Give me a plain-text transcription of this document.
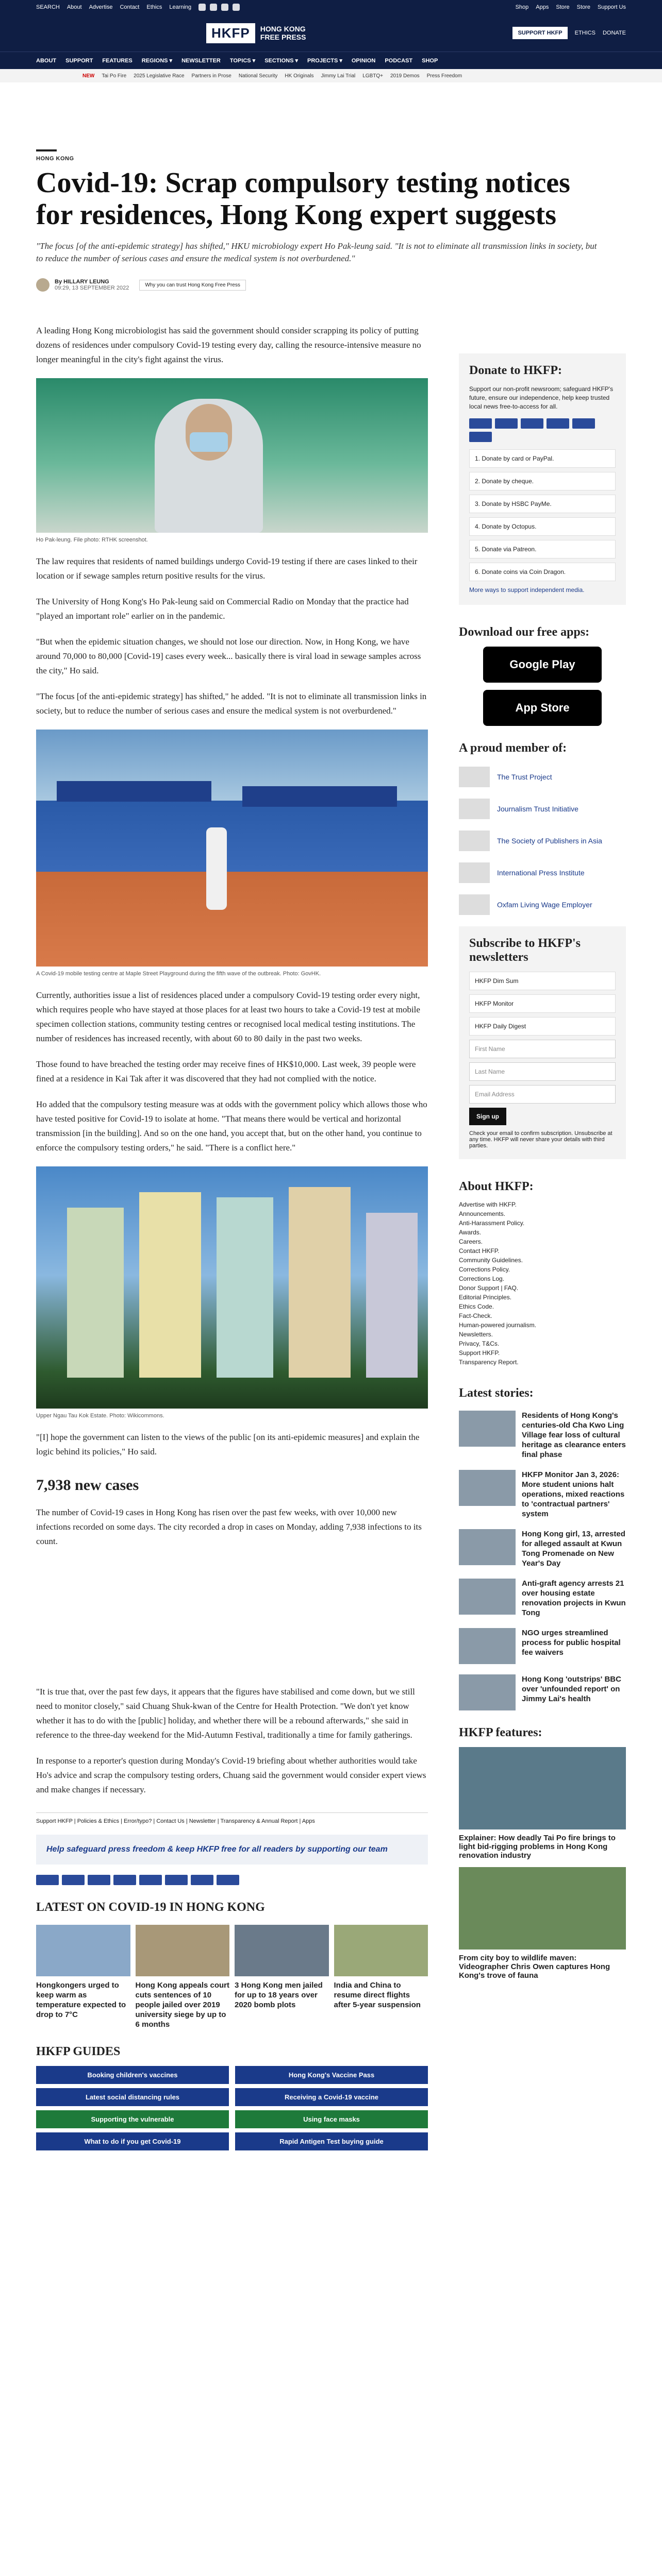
SEARCH About Advertise Contact Ethics Learning	Shop Apps Store Store Support Us
HKFP	HONG KONG
FREE PRESS	SUPPORT HKFP	ETHICS DONATE
ABOUT SUPPORT FEATURES REGIONS ▾ NEWSLETTER TOPICS ▾ SECTIONS ▾ PROJECTS ▾ OPINION PODCAST SHOP
NEW Tai Po Fire 2025 Legislative Race Partners in Prose National Security HK Originals Jimmy Lai Trial LGBTQ+ 2019 Demos Press Freedom
HONG KONG
Covid-19: Scrap compulsory testing notices for residences, Hong Kong expert suggests

"The focus [of the anti-epidemic strategy] has shifted," HKU microbiology expert Ho Pak-leung said. "It is not to eliminate all transmission links in society, but to reduce the number of serious cases and ensure the medical system is not overburdened."

By HILLARY LEUNG
09:29, 13 SEPTEMBER 2022	Why you can trust Hong Kong Free Press

A leading Hong Kong microbiologist has said the government should consider scrapping its policy of putting dozens of residences under compulsory Covid-19 testing every day, calling the resource-intensive measure no longer meaningful in the city's fight against the virus.

Ho Pak-leung. File photo: RTHK screenshot.

The law requires that residents of named buildings undergo Covid-19 testing if there are cases linked to their location or if sewage samples return positive results for the virus.

The University of Hong Kong's Ho Pak-leung said on Commercial Radio on Monday that the practice had "played an important role" earlier on in the pandemic.

"But when the epidemic situation changes, we should not lose our direction. Now, in Hong Kong, we have around 70,000 to 80,000 [Covid-19] cases every week... basically there is viral load in sewage samples across the city," Ho said.

"The focus [of the anti-epidemic strategy] has shifted," he added. "It is not to eliminate all transmission links in society, but to reduce the number of serious cases and ensure the medical system is not overburdened."

A Covid-19 mobile testing centre at Maple Street Playground during the fifth wave of the outbreak. Photo: GovHK.

Currently, authorities issue a list of residences placed under a compulsory Covid-19 testing order every night, which requires people who have stayed at those places for at least two hours to take a Covid-19 test at mobile specimen collection stations, community testing centres or recognised local medical testing institutions. The number of residences has increased recently, with about 60 to 80 daily in the past two weeks.

Those found to have breached the testing order may receive fines of HK$10,000. Last week, 39 people were fined at a residence in Kai Tak after it was discovered that they had not complied with the notice.

Ho added that the compulsory testing measure was at odds with the government policy which allows those who have tested positive for Covid-19 to isolate at home. "That means there would be vertical and horizontal transmission [in the building]. And so on the one hand, you accept that, but on the other hand, you continue to enforce the compulsory testing orders," he said. "There is a conflict here."

Upper Ngau Tau Kok Estate. Photo: Wikicommons.

"[I] hope the government can listen to the views of the public [on its anti-epidemic measures] and explain the logic behind its policies," Ho said.

7,938 new cases

The number of Covid-19 cases in Hong Kong has risen over the past few weeks, with over 10,000 new infections recorded on some days. The city recorded a drop in cases on Monday, adding 7,938 infections to its count.

"It is true that, over the past few days, it appears that the figures have stabilised and come down, but we still need to monitor closely," said Chuang Shuk-kwan of the Centre for Health Protection. "We don't yet know whether it has to do with the [public] holiday, and whether there will be a rebound afterwards," she said in reference to the three-day weekend for the Mid-Autumn Festival, traditionally a time for family gatherings.

In response to a reporter's question during Monday's Covid-19 briefing about whether authorities would take Ho's advice and scrap the compulsory testing orders, Chuang said the government would consider expert views and make changes if necessary.

Support HKFP | Policies & Ethics | Error/typo? | Contact Us | Newsletter | Transparency & Annual Report | Apps
Help safeguard press freedom & keep HKFP free for all readers by supporting our team
LATEST ON COVID-19 IN HONG KONG
Hongkongers urged to keep warm as temperature expected to drop to 7°C
Hong Kong appeals court cuts sentences of 10 people jailed over 2019 university siege by up to 6 months
3 Hong Kong men jailed for up to 18 years over 2020 bomb plots
India and China to resume direct flights after 5-year suspension
HKFP GUIDES
Booking children's vaccines	Hong Kong's Vaccine Pass
Latest social distancing rules	Receiving a Covid-19 vaccine
Supporting the vulnerable	Using face masks
What to do if you get Covid-19	Rapid Antigen Test buying guide
Donate to HKFP:

Support our non-profit newsroom; safeguard HKFP's future, ensure our independence, help keep trusted local news free-to-access for all.

1. Donate by card or PayPal.
2. Donate by cheque.
3. Donate by HSBC PayMe.
4. Donate by Octopus.
5. Donate via Patreon.
6. Donate coins via Coin Dragon.
More ways to support independent media.
Download our free apps:
Google Play
App Store
A proud member of:
The Trust Project
Journalism Trust Initiative
The Society of Publishers in Asia
International Press Institute
Oxfam Living Wage Employer
Subscribe to HKFP's newsletters
HKFP Dim Sum
HKFP Monitor
HKFP Daily Digest
First Name
Last Name
Email Address
Sign up

Check your email to confirm subscription. Unsubscribe at any time. HKFP will never share your details with third parties.

About HKFP:
Advertise with HKFP.
Announcements.
Anti-Harassment Policy.
Awards.
Careers.
Contact HKFP.
Community Guidelines.
Corrections Policy.
Corrections Log.
Donor Support | FAQ.
Editorial Principles.
Ethics Code.
Fact-Check.
Human-powered journalism.
Newsletters.
Privacy, T&Cs.
Support HKFP.
Transparency Report.
Latest stories:
Residents of Hong Kong's centuries-old Cha Kwo Ling Village fear loss of cultural heritage as clearance enters final phase
HKFP Monitor Jan 3, 2026: More student unions halt operations, mixed reactions to 'contractual partners' system
Hong Kong girl, 13, arrested for alleged assault at Kwun Tong Promenade on New Year's Day
Anti-graft agency arrests 21 over housing estate renovation projects in Kwun Tong
NGO urges streamlined process for public hospital fee waivers
Hong Kong 'outstrips' BBC over 'unfounded report' on Jimmy Lai's health
HKFP features:
Explainer: How deadly Tai Po fire brings to light bid-rigging problems in Hong Kong renovation industry
From city boy to wildlife maven: Videographer Chris Owen captures Hong Kong's trove of fauna
